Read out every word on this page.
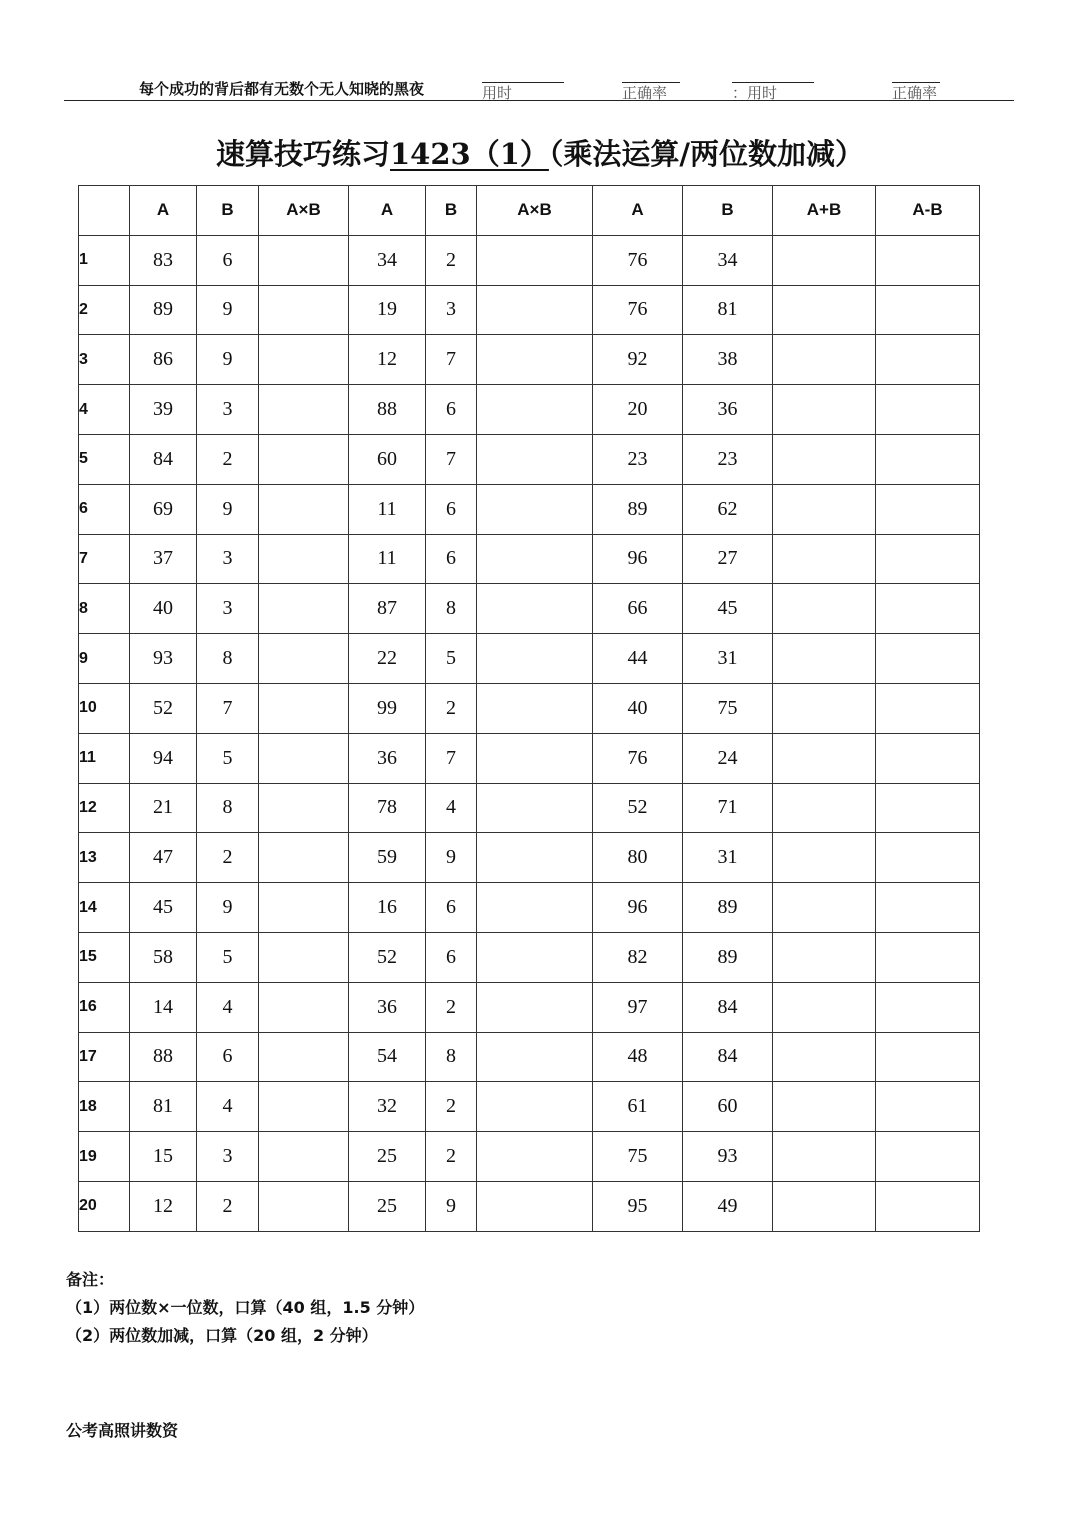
每个成功的背后都有无数个无人知晓的黑夜	用时	正确率	：用时	正确率
速算技巧练习1423（1）（乘法运算/两位数加减）
	A	B	A×B	A	B	A×B	A	B	A+B	A-B
1	83	6		34	2		76	34		
2	89	9		19	3		76	81		
3	86	9		12	7		92	38		
4	39	3		88	6		20	36		
5	84	2		60	7		23	23		
6	69	9		11	6		89	62		
7	37	3		11	6		96	27		
8	40	3		87	8		66	45		
9	93	8		22	5		44	31		
10	52	7		99	2		40	75		
11	94	5		36	7		76	24		
12	21	8		78	4		52	71		
13	47	2		59	9		80	31		
14	45	9		16	6		96	89		
15	58	5		52	6		82	89		
16	14	4		36	2		97	84		
17	88	6		54	8		48	84		
18	81	4		32	2		61	60		
19	15	3		25	2		75	93		
20	12	2		25	9		95	49		
备注：
（1）两位数×一位数，口算（40 组，1.5 分钟）
（2）两位数加减，口算（20 组，2 分钟）
公考高照讲数资
